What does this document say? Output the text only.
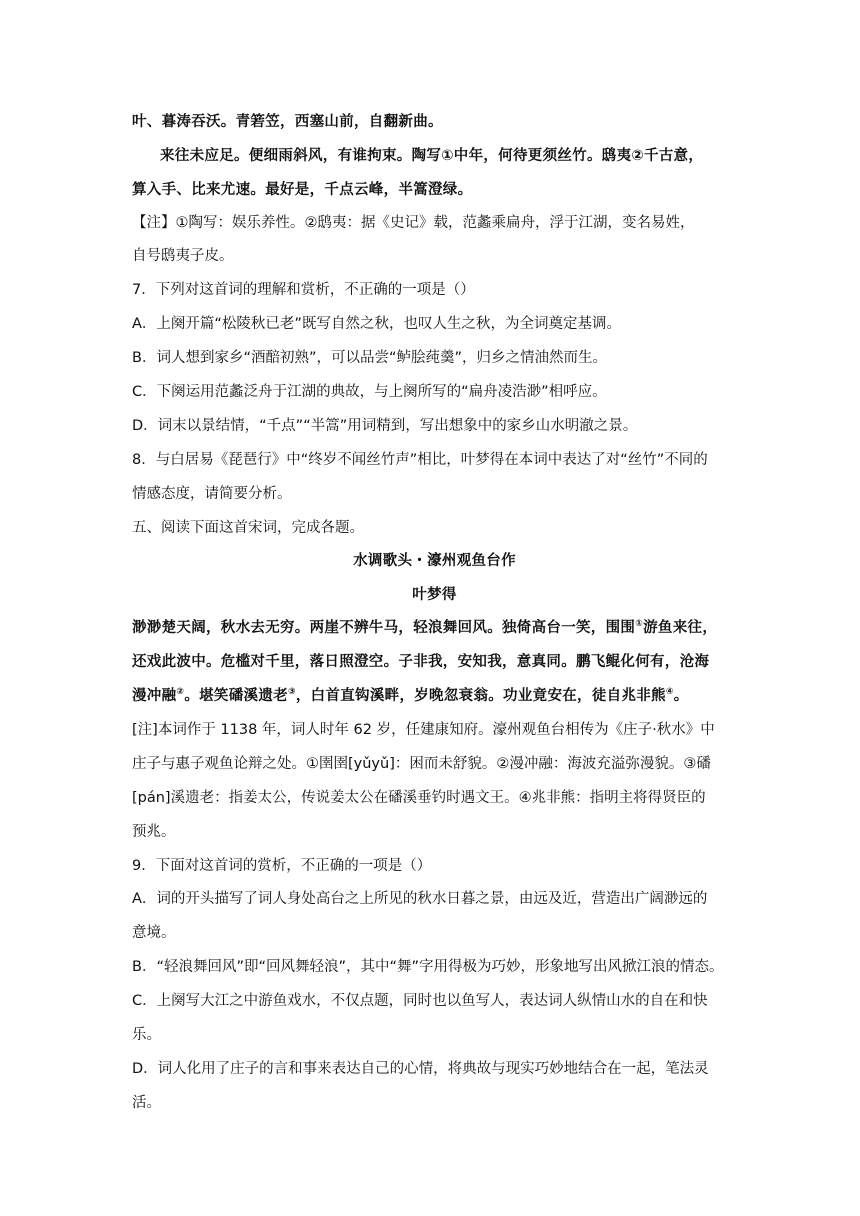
叶、暮涛吞沃。青箬笠，西塞山前，自翻新曲。
来往未应足。便细雨斜风，有谁拘束。陶写①中年，何待更须丝竹。鸱夷②千古意，
算入手、比来尤速。最好是，千点云峰，半篙澄绿。
【注】①陶写：娱乐养性。②鸱夷：据《史记》载，范蠡乘扁舟，浮于江湖，变名易姓，
自号鸱夷子皮。
7．下列对这首词的理解和赏析，不正确的一项是（）
A．上阕开篇“松陵秋已老”既写自然之秋，也叹人生之秋，为全词奠定基调。
B．词人想到家乡“酒醅初熟”，可以品尝“鲈脍莼羹”，归乡之情油然而生。
C．下阕运用范蠡泛舟于江湖的典故，与上阕所写的“扁舟凌浩渺”相呼应。
D．词末以景结情，“千点”“半篙”用词精到，写出想象中的家乡山水明澈之景。
8．与白居易《琵琶行》中“终岁不闻丝竹声”相比，叶梦得在本词中表达了对“丝竹”不同的
情感态度，请简要分析。
五、阅读下面这首宋词，完成各题。
水调歌头・濠州观鱼台作
叶梦得
渺渺楚天阔，秋水去无穷。两崖不辨牛马，轻浪舞回风。独倚高台一笑，围围①游鱼来往，
还戏此波中。危槛对千里，落日照澄空。子非我，安知我，意真同。鹏飞鲲化何有，沧海
漫冲融②。堪笑磻溪遗老③，白首直钩溪畔，岁晚忽衰翁。功业竟安在，徒自兆非熊④。
[注]本词作于 1138 年，词人时年 62 岁，任建康知府。濠州观鱼台相传为《庄子·秋水》中
庄子与惠子观鱼论辩之处。①圉圉[yǔyǔ]：困而未舒貌。②漫冲融：海波充溢弥漫貌。③磻
[pán]溪遗老：指姜太公，传说姜太公在磻溪垂钓时遇文王。④兆非熊：指明主将得贤臣的
预兆。
9．下面对这首词的赏析，不正确的一项是（）
A．词的开头描写了词人身处高台之上所见的秋水日暮之景，由远及近，营造出广阔渺远的
意境。
B．“轻浪舞回风”即“回风舞轻浪”，其中“舞”字用得极为巧妙，形象地写出风掀江浪的情态。
C．上阕写大江之中游鱼戏水，不仅点题，同时也以鱼写人，表达词人纵情山水的自在和快
乐。
D．词人化用了庄子的言和事来表达自己的心情，将典故与现实巧妙地结合在一起，笔法灵
活。
